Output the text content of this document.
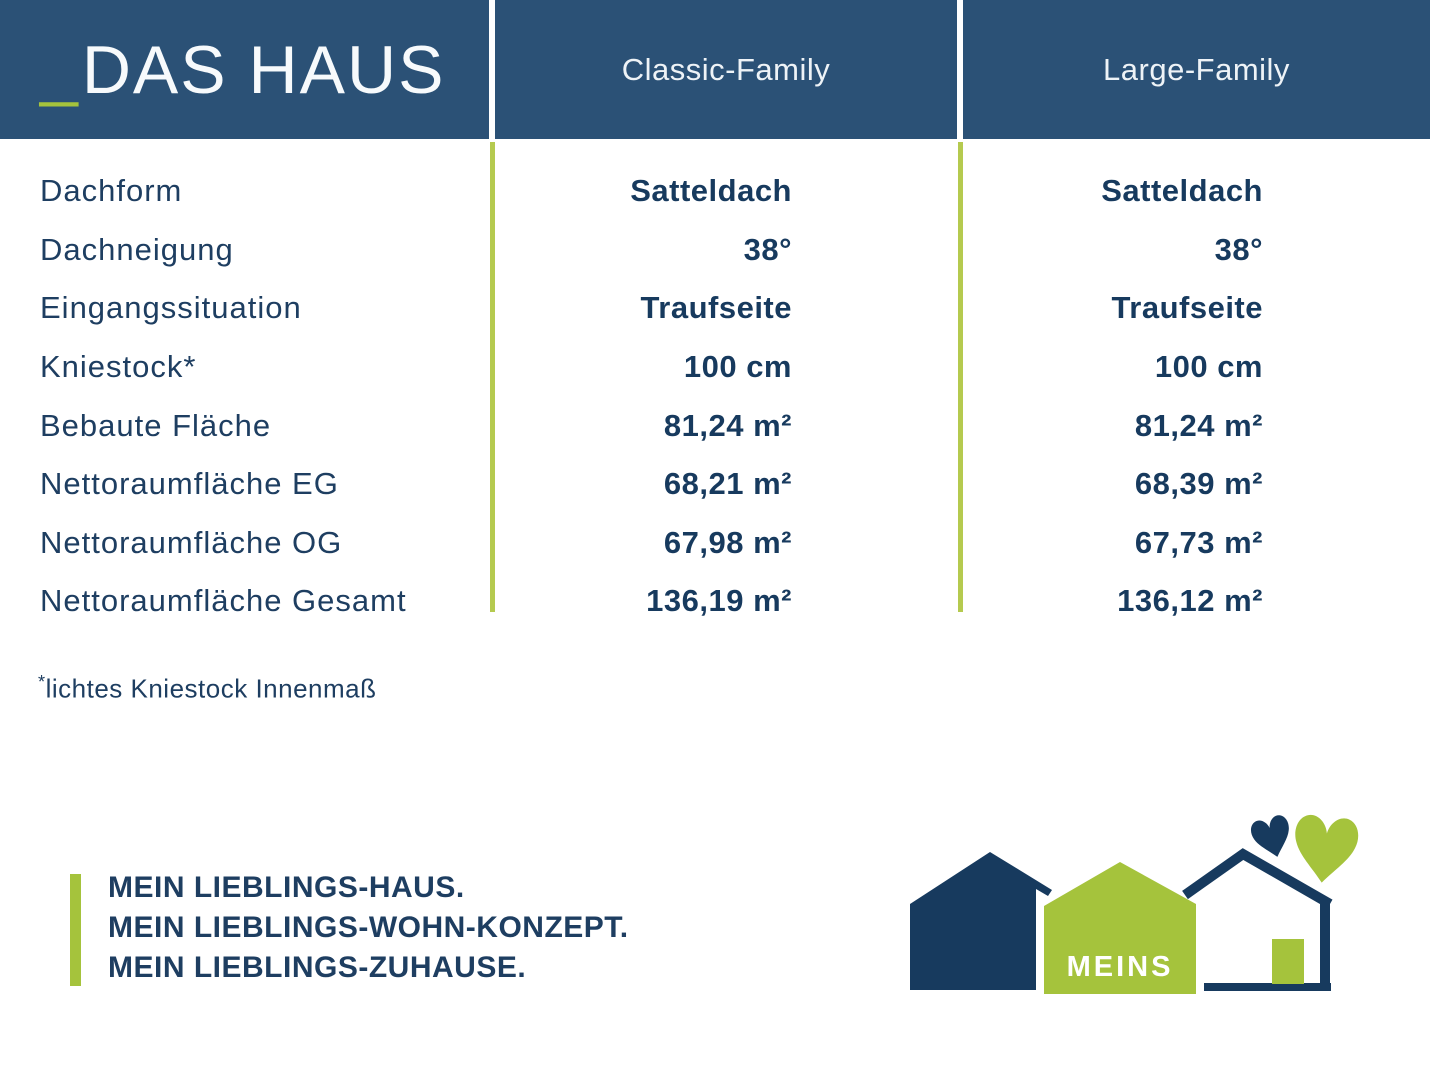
_ DAS HAUS	Classic-Family	Large-Family
Dachform	Satteldach	Satteldach
Dachneigung	38°	38°
Eingangssituation	Traufseite	Traufseite
Kniestock*	100 cm	100 cm
Bebaute Fläche	81,24 m²	81,24 m²
Nettoraumfläche EG	68,21 m²	68,39 m²
Nettoraumfläche OG	67,98 m²	67,73 m²
Nettoraumfläche Gesamt	136,19 m²	136,12 m²
*lichtes Kniestock Innenmaß

MEIN LIEBLINGS-HAUS.

MEIN LIEBLINGS-WOHN-KONZEPT.

MEIN LIEBLINGS-ZUHAUSE.	MEINS
